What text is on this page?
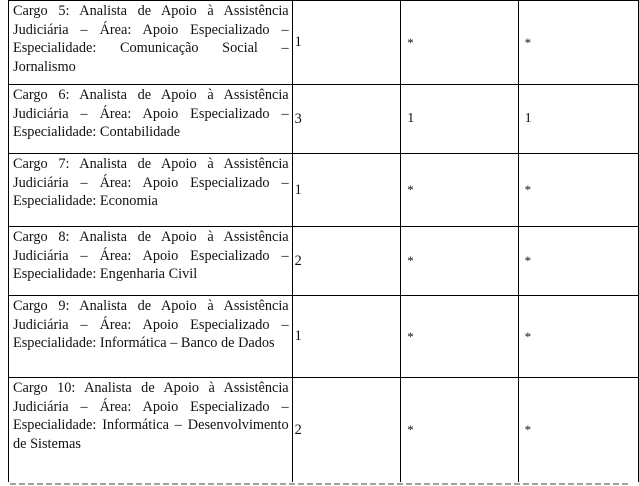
Cargo 5: Analista de Apoio à Assistência Judiciária – Área: Apoio Especializado – Especialidade: Comunicação Social – Jornalismo	1	*	*
Cargo 6: Analista de Apoio à Assistência Judiciária – Área: Apoio Especializado – Especialidade: Contabilidade	3	1	1
Cargo 7: Analista de Apoio à Assistência Judiciária – Área: Apoio Especializado – Especialidade: Economia	1	*	*
Cargo 8: Analista de Apoio à Assistência Judiciária – Área: Apoio Especializado – Especialidade: Engenharia Civil	2	*	*
Cargo 9: Analista de Apoio à Assistência Judiciária – Área: Apoio Especializado – Especialidade: Informática – Banco de Dados	1	*	*
Cargo 10: Analista de Apoio à Assistência Judiciária – Área: Apoio Especializado – Especialidade: Informática – Desenvolvimento de Sistemas	2	*	*
